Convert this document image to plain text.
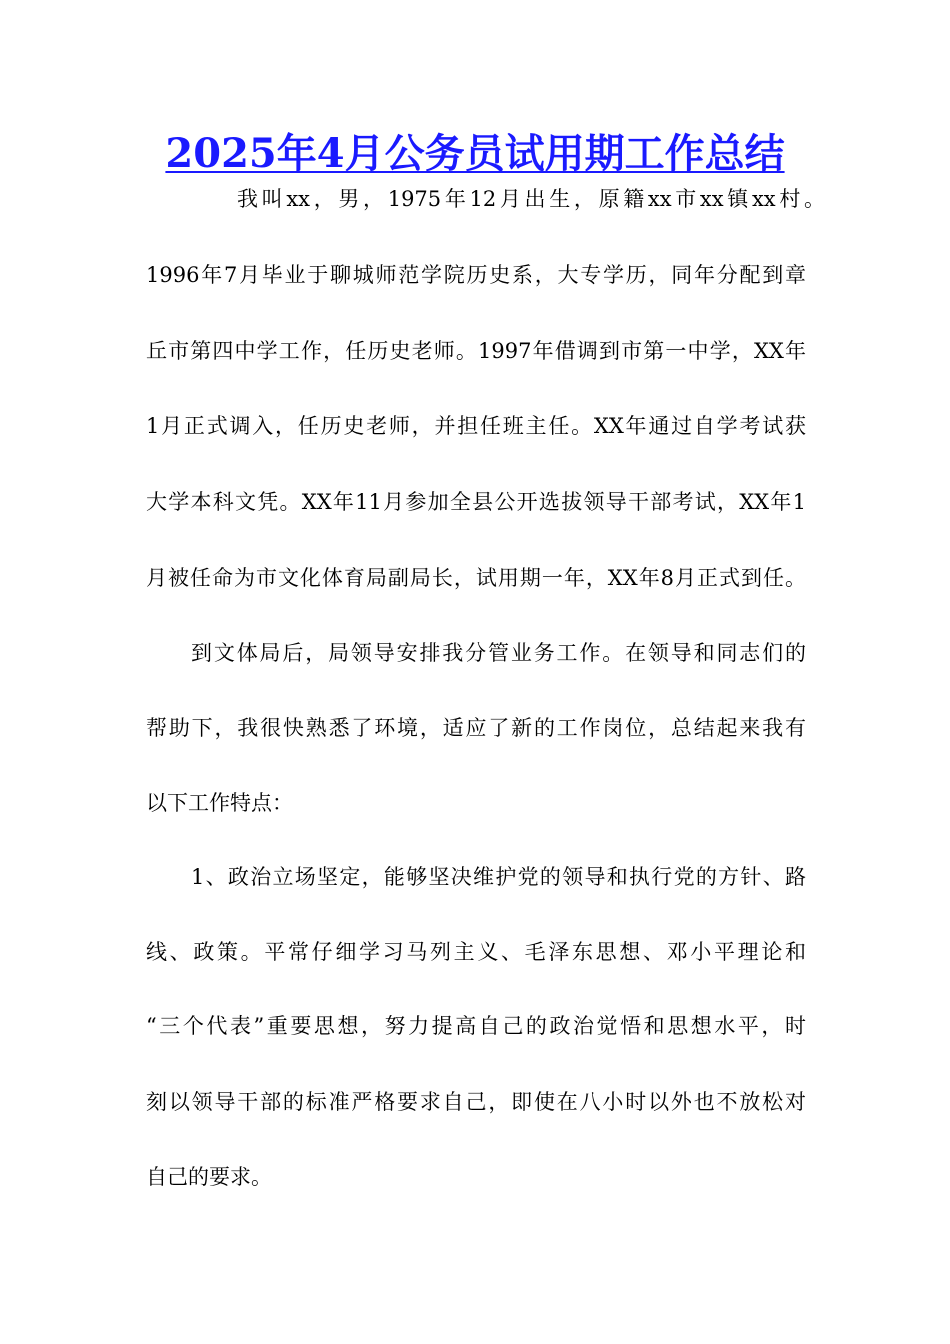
2025年4月公务员试用期工作总结

我叫xx，男，1975年12月出生，原籍xx市xx镇xx村。

1996年7月毕业于聊城师范学院历史系，大专学历，同年分配到章

丘市第四中学工作，任历史老师。1997年借调到市第一中学，XX年

1月正式调入，任历史老师，并担任班主任。XX年通过自学考试获

大学本科文凭。XX年11月参加全县公开选拔领导干部考试，XX年1

月被任命为市文化体育局副局长，试用期一年，XX年8月正式到任。

到文体局后，局领导安排我分管业务工作。在领导和同志们的

帮助下，我很快熟悉了环境，适应了新的工作岗位，总结起来我有

以下工作特点：

1、政治立场坚定，能够坚决维护党的领导和执行党的方针、路

线、政策。平常仔细学习马列主义、毛泽东思想、邓小平理论和

“三个代表”重要思想，努力提高自己的政治觉悟和思想水平，时

刻以领导干部的标准严格要求自己，即使在八小时以外也不放松对

自己的要求。
